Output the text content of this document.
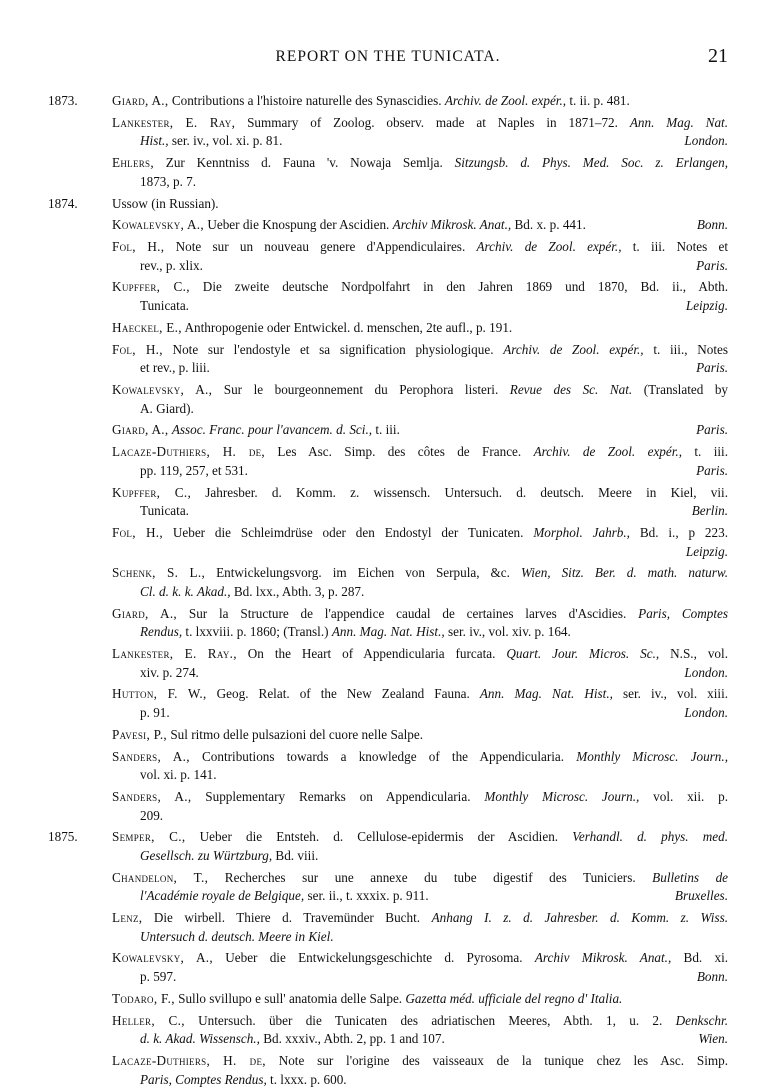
REPORT ON THE TUNICATA.	21
1873.	Giard, A., Contributions a l'histoire naturelle des Synascidies. Archiv. de Zool. expér., t. ii. p. 481.
Lankester, E. Ray, Summary of Zoolog. observ. made at Naples in 1871–72. Ann. Mag. Nat.
Hist., ser. iv., vol. xi. p. 81.	London.
Ehlers, Zur Kenntniss d. Fauna 'v. Nowaja Semlja. Sitzungsb. d. Phys. Med. Soc. z. Erlangen,
1873, p. 7.
1874.	Ussow (in Russian).
Kowalevsky, A., Ueber die Knospung der Ascidien. Archiv Mikrosk. Anat., Bd. x. p. 441.	Bonn.
Fol, H., Note sur un nouveau genere d'Appendiculaires. Archiv. de Zool. expér., t. iii. Notes et
rev., p. xlix.	Paris.
Kupffer, C., Die zweite deutsche Nordpolfahrt in den Jahren 1869 und 1870, Bd. ii., Abth.
Tunicata.	Leipzig.
Haeckel, E., Anthropogenie oder Entwickel. d. menschen, 2te aufl., p. 191.
Fol, H., Note sur l'endostyle et sa signification physiologique. Archiv. de Zool. expér., t. iii., Notes
et rev., p. liii.	Paris.
Kowalevsky, A., Sur le bourgeonnement du Perophora listeri. Revue des Sc. Nat. (Translated by
A. Giard).
Giard, A., Assoc. Franc. pour l'avancem. d. Sci., t. iii.	Paris.
Lacaze-Duthiers, H. de, Les Asc. Simp. des côtes de France. Archiv. de Zool. expér., t. iii.
pp. 119, 257, et 531.	Paris.
Kupffer, C., Jahresber. d. Komm. z. wissensch. Untersuch. d. deutsch. Meere in Kiel, vii.
Tunicata.	Berlin.
Fol, H., Ueber die Schleimdrüse oder den Endostyl der Tunicaten. Morphol. Jahrb., Bd. i., p 223.
Leipzig.
Schenk, S. L., Entwickelungsvorg. im Eichen von Serpula, &c. Wien, Sitz. Ber. d. math. naturw.
Cl. d. k. k. Akad., Bd. lxx., Abth. 3, p. 287.
Giard, A., Sur la Structure de l'appendice caudal de certaines larves d'Ascidies. Paris, Comptes
Rendus, t. lxxviii. p. 1860; (Transl.) Ann. Mag. Nat. Hist., ser. iv., vol. xiv. p. 164.
Lankester, E. Ray., On the Heart of Appendicularia furcata. Quart. Jour. Micros. Sc., N.S., vol.
xiv. p. 274.	London.
Hutton, F. W., Geog. Relat. of the New Zealand Fauna. Ann. Mag. Nat. Hist., ser. iv., vol. xiii.
p. 91.	London.
Pavesi, P., Sul ritmo delle pulsazioni del cuore nelle Salpe.
Sanders, A., Contributions towards a knowledge of the Appendicularia. Monthly Microsc. Journ.,
vol. xi. p. 141.
Sanders, A., Supplementary Remarks on Appendicularia. Monthly Microsc. Journ., vol. xii. p.
209.
1875.	Semper, C., Ueber die Entsteh. d. Cellulose-epidermis der Ascidien. Verhandl. d. phys. med.
Gesellsch. zu Würtzburg, Bd. viii.
Chandelon, T., Recherches sur une annexe du tube digestif des Tuniciers. Bulletins de
l'Académie royale de Belgique, ser. ii., t. xxxix. p. 911.	Bruxelles.
Lenz, Die wirbell. Thiere d. Travemünder Bucht. Anhang I. z. d. Jahresber. d. Komm. z. Wiss.
Untersuch d. deutsch. Meere in Kiel.
Kowalevsky, A., Ueber die Entwickelungsgeschichte d. Pyrosoma. Archiv Mikrosk. Anat., Bd. xi.
p. 597.	Bonn.
Todaro, F., Sullo svillupo e sull' anatomia delle Salpe. Gazetta méd. ufficiale del regno d' Italia.
Heller, C., Untersuch. über die Tunicaten des adriatischen Meeres, Abth. 1, u. 2. Denkschr.
d. k. Akad. Wissensch., Bd. xxxiv., Abth. 2, pp. 1 and 107.	Wien.
Lacaze-Duthiers, H. de, Note sur l'origine des vaisseaux de la tunique chez les Asc. Simp.
Paris, Comptes Rendus, t. lxxx. p. 600.
